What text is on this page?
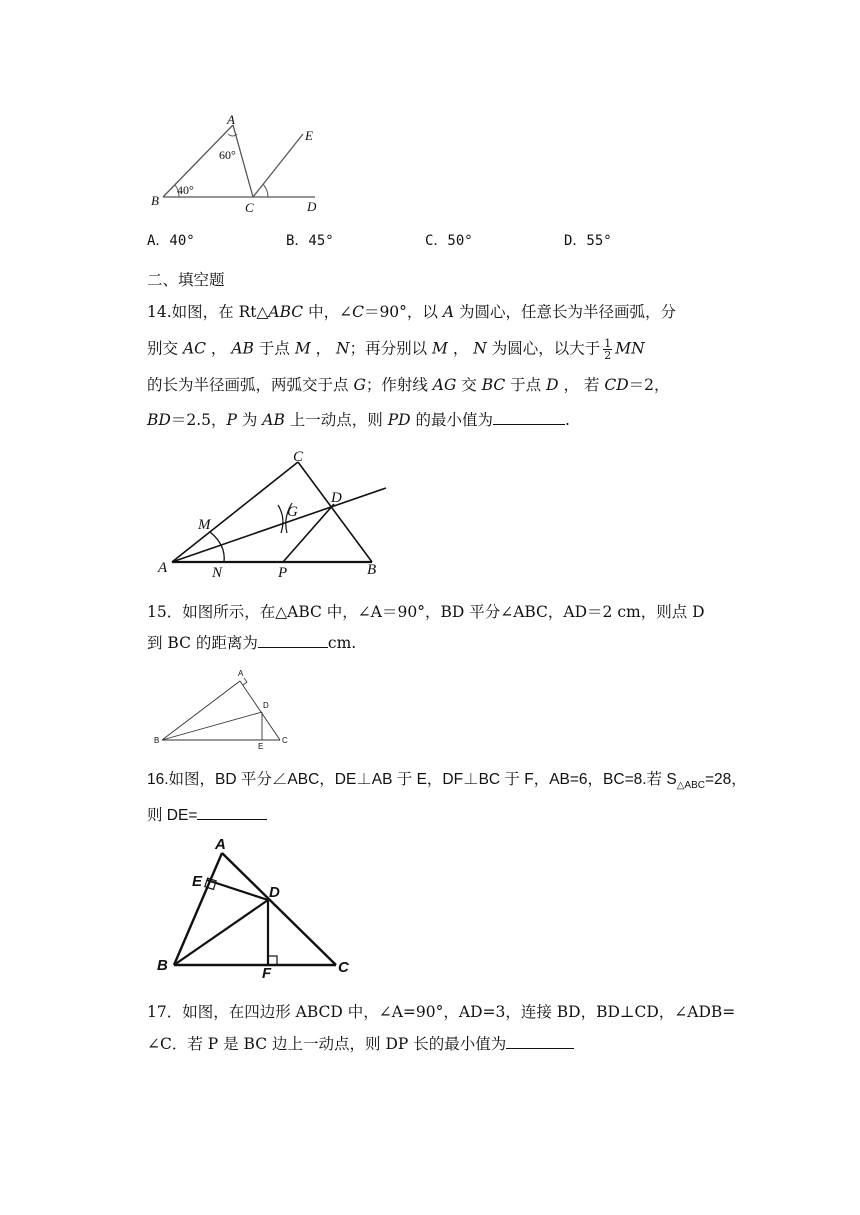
A
B	C	D
E
60°
40°
A．40°	B．45°	C．50°	D．55°
二、填空题
14.如图，在 Rt△ABC 中，∠C＝90°，以 A 为圆心，任意长为半径画弧，分
别交 AC ， AB 于点 M ， N；再分别以 M ， N 为圆心，以大于 $\frac{1}{2}$ MN
的长为半径画弧，两弧交于点 G；作射线 AG 交 BC 于点 D ， 若 CD＝2，
BD＝2.5，P 为 AB 上一动点，则 PD 的最小值为	.
A	B
C
D
G
M
N	P
15．如图所示，在△ABC 中，∠A＝90°，BD 平分∠ABC，AD＝2 cm，则点 D
到 BC 的距离为	cm.
A
B	C
D
E
16.如图，BD 平分∠ABC，DE⊥AB 于 E，DF⊥BC 于 F，AB=6，BC=8.若 $S_{\triangle ABC}=28$，
则 DE=
A
B	C
D
E
F
17．如图，在四边形 ABCD 中，∠A=90°，AD=3，连接 BD，BD⊥CD，∠ADB=
∠C．若 P 是 BC 边上一动点，则 DP 长的最小值为
